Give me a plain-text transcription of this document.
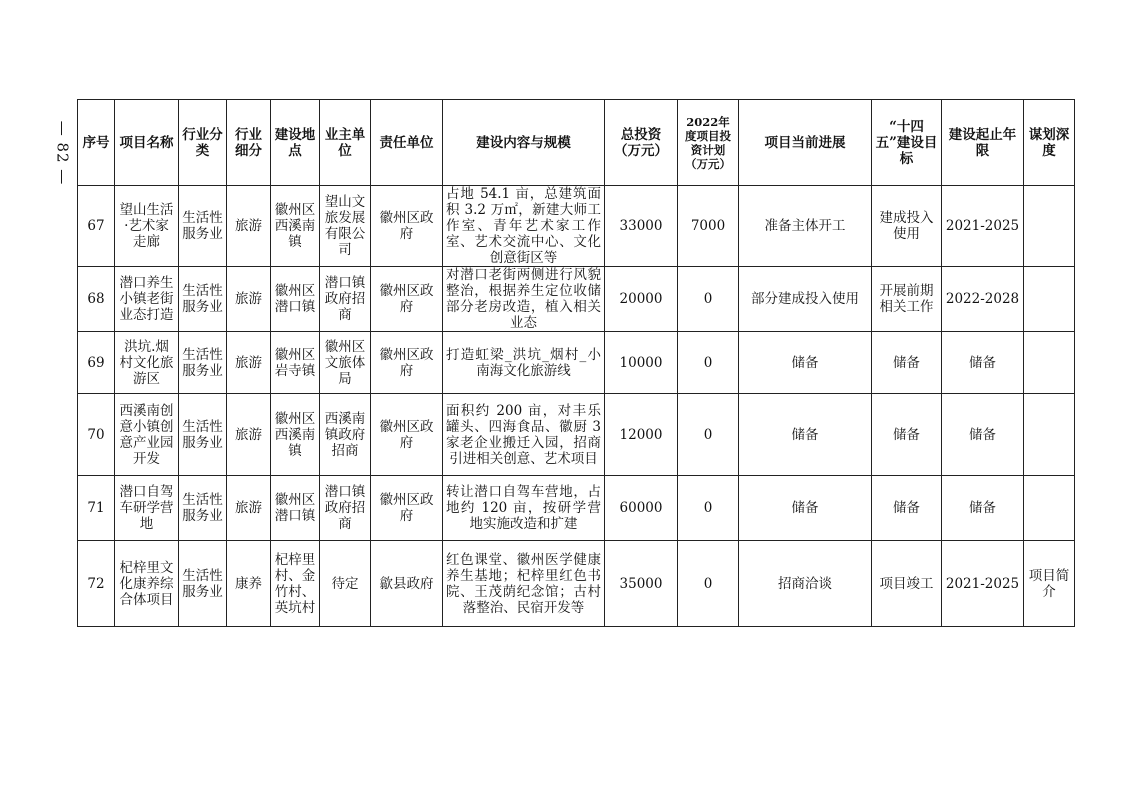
— 82 — 序号	项目名称	行业分类	行业细分	建设地点	业主单位	责任单位	建设内容与规模	总投资（万元）	2022年度项目投资计划（万元）	项目当前进展	“十四五”建设目标	建设起止年限	谋划深度
67	望山生活·艺术家走廊	生活性服务业	旅游	徽州区西溪南镇	望山文旅发展有限公司	徽州区政府	占地 54.1 亩，总建筑面积 3.2 万㎡，新建大师工作室、青年艺术家工作室、艺术交流中心、文化创意街区等	33000	7000	准备主体开工	建成投入使用	2021-2025	
68	潜口养生小镇老街业态打造	生活性服务业	旅游	徽州区潜口镇	潜口镇政府招商	徽州区政府	对潜口老街两侧进行风貌整治，根据养生定位收储部分老房改造，植入相关业态	20000	0	部分建成投入使用	开展前期相关工作	2022-2028	
69	洪坑.烟村文化旅游区	生活性服务业	旅游	徽州区岩寺镇	徽州区文旅体局	徽州区政府	打造虹梁_洪坑_烟村_小南海文化旅游线	10000	0	储备	储备	储备	
70	西溪南创意小镇创意产业园开发	生活性服务业	旅游	徽州区西溪南镇	西溪南镇政府招商	徽州区政府	面积约 200 亩，对丰乐罐头、四海食品、徽厨 3 家老企业搬迁入园，招商引进相关创意、艺术项目	12000	0	储备	储备	储备	
71	潜口自驾车研学营地	生活性服务业	旅游	徽州区潜口镇	潜口镇政府招商	徽州区政府	转让潜口自驾车营地，占地约 120 亩，按研学营地实施改造和扩建	60000	0	储备	储备	储备	
72	杞梓里文化康养综合体项目	生活性服务业	康养	杞梓里村、金竹村、英坑村	待定	歙县政府	红色课堂、徽州医学健康养生基地；杞梓里红色书院、王茂荫纪念馆；古村落整治、民宿开发等	35000	0	招商洽谈	项目竣工	2021-2025	项目简介
